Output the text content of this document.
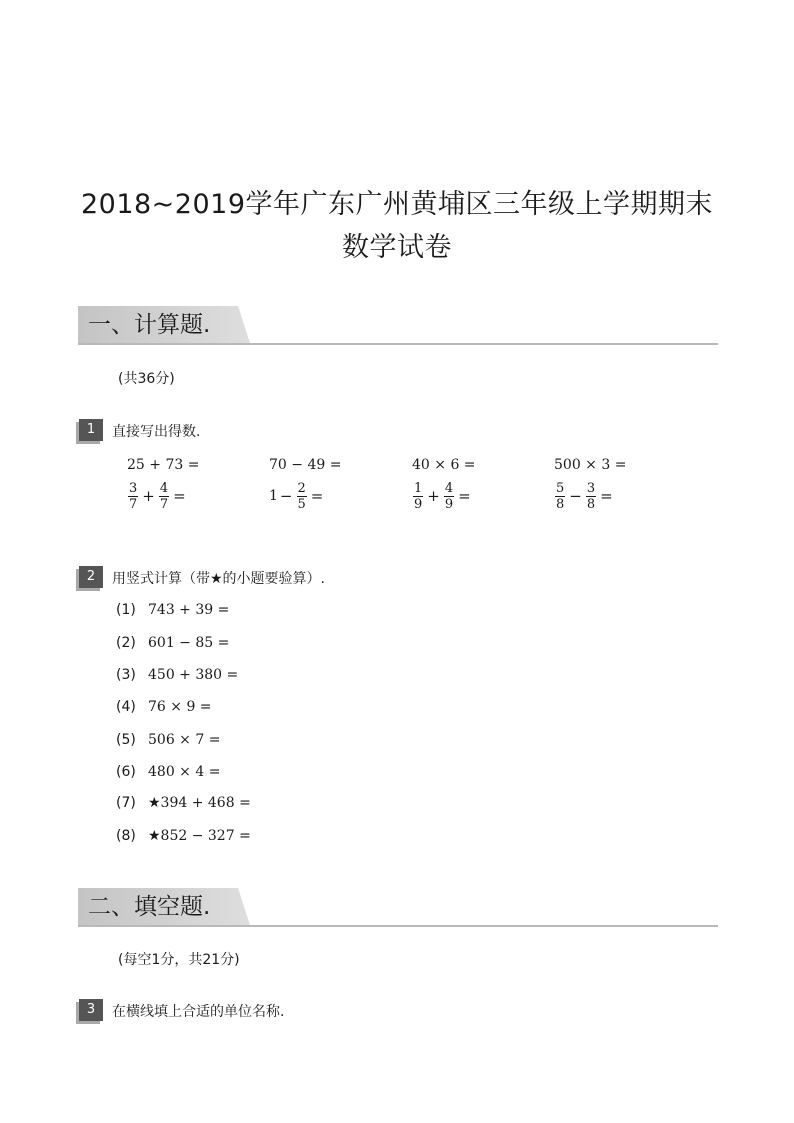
2018~2019学年广东广州黄埔区三年级上学期期末
数学试卷
一、计算题.
(共36分)
1	直接写出得数.
25 + 73 =	70 − 49 =	40 × 6 =	500 × 3 =
$\frac{3}{7} + \frac{4}{7}$ =	$1 - \frac{2}{5}$ =	$\frac{1}{9} + \frac{4}{9}$ =	$\frac{5}{8} - \frac{3}{8}$ =
2	用竖式计算（带★的小题要验算）.
(1) 743 + 39 =
(2) 601 − 85 =
(3) 450 + 380 =
(4) 76 × 9 =
(5) 506 × 7 =
(6) 480 × 4 =
(7) ★394 + 468 =
(8) ★852 − 327 =
二、填空题.
(每空1分，共21分)
3	在横线填上合适的单位名称.
